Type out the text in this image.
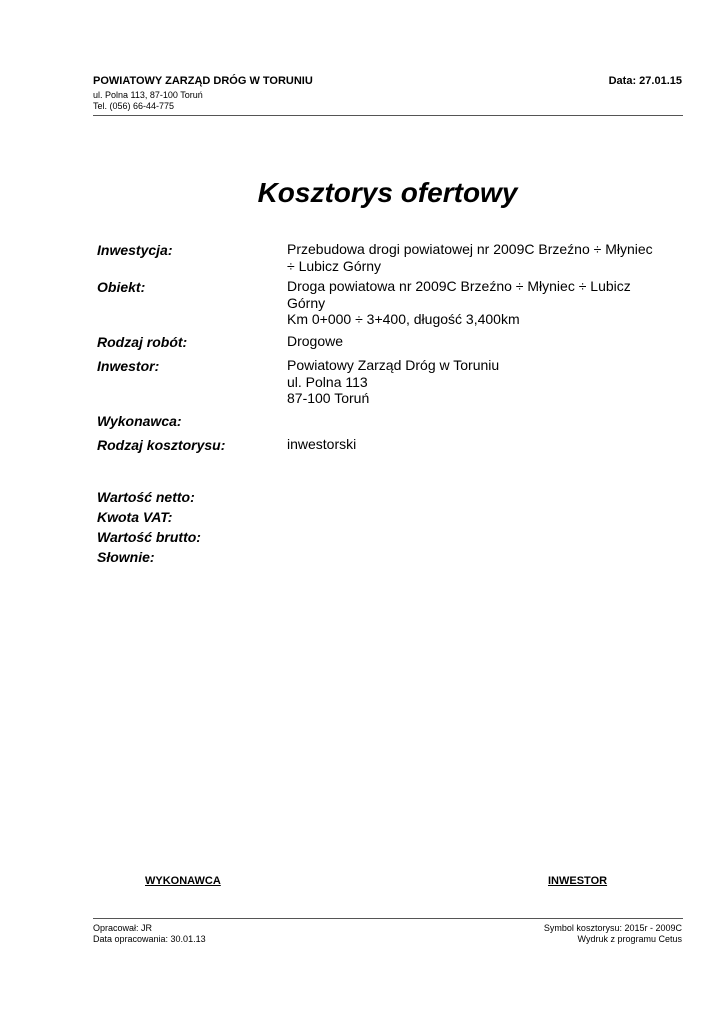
POWIATOWY ZARZĄD DRÓG W TORUNIU
ul. Polna 113, 87-100 Toruń
Tel. (056) 66-44-775
Data: 27.01.15
Kosztorys ofertowy
Inwestycja:	Przebudowa drogi powiatowej nr 2009C Brzeźno ÷ Młyniec
÷ Lubicz Górny
Obiekt:	Droga powiatowa nr 2009C Brzeźno ÷ Młyniec ÷ Lubicz
Górny
Km 0+000 ÷ 3+400, długość 3,400km
Rodzaj robót:	Drogowe
Inwestor:	Powiatowy Zarząd Dróg w Toruniu
ul. Polna 113
87-100 Toruń
Wykonawca:
Rodzaj kosztorysu:	inwestorski
Wartość netto:
Kwota VAT:
Wartość brutto:
Słownie:
WYKONAWCA	INWESTOR
Opracował: JR
Data opracowania: 30.01.13
Symbol kosztorysu: 2015r - 2009C
Wydruk z programu Cetus
